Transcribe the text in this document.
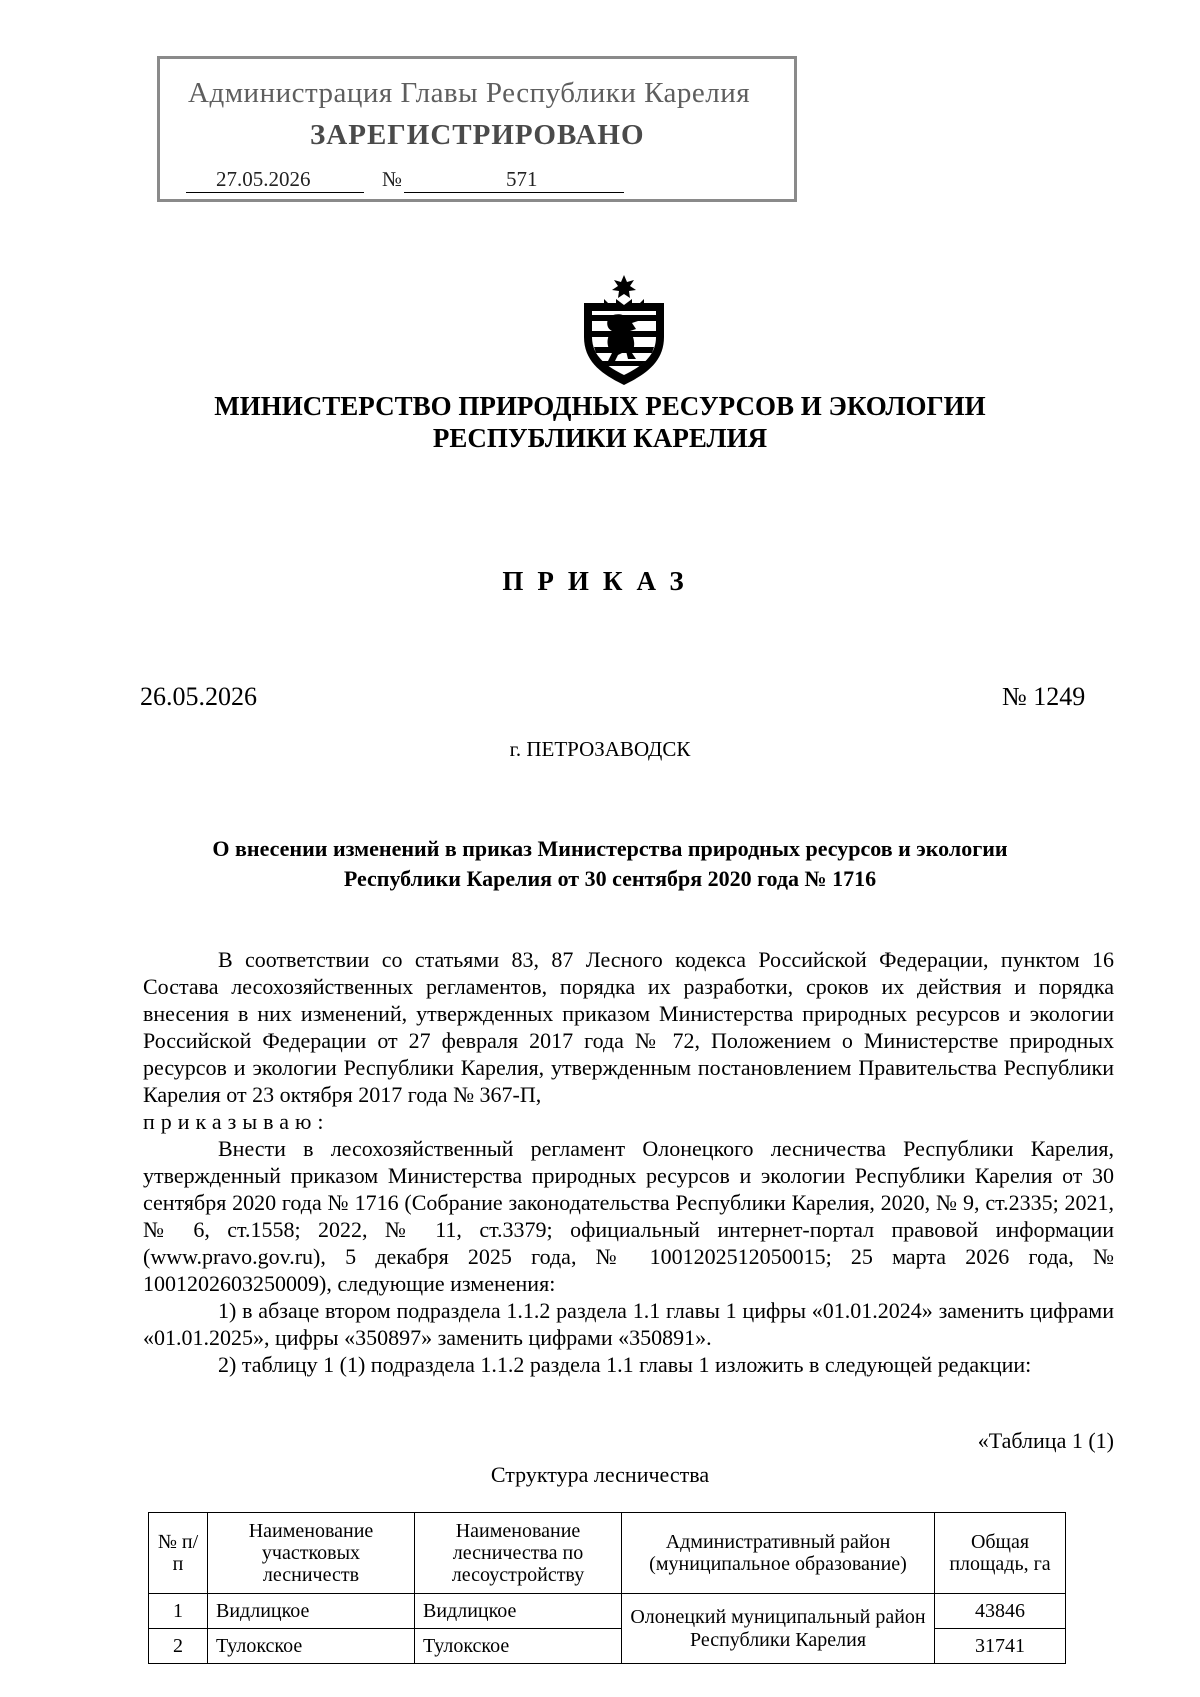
Администрация Главы Республики Карелия
ЗАРЕГИСТРИРОВАНО
27.05.2026	№	571
МИНИСТЕРСТВО ПРИРОДНЫХ РЕСУРСОВ И ЭКОЛОГИИ
РЕСПУБЛИКИ КАРЕЛИЯ
ПРИКАЗ
26.05.2026	№ 1249
г. ПЕТРОЗАВОДСК
О внесении изменений в приказ Министерства природных ресурсов и экологии
Республики Карелия от 30 сентября 2020 года № 1716

В соответствии со статьями 83, 87 Лесного кодекса Российской Федерации, пунктом 16 Состава лесохозяйственных регламентов, порядка их разработки, сроков их действия и порядка внесения в них изменений, утвержденных приказом Министерства природных ресурсов и экологии Российской Федерации от 27 февраля 2017 года № 72, Положением о Министерстве природных ресурсов и экологии Республики Карелия, утвержденным постановлением Правительства Республики Карелия от 23 октября 2017 года № 367-П,

приказываю:

Внести в лесохозяйственный регламент Олонецкого лесничества Республики Карелия, утвержденный приказом Министерства природных ресурсов и экологии Республики Карелия от 30 сентября 2020 года № 1716 (Собрание законодательства Республики Карелия, 2020, № 9, ст.2335; 2021, № 6, ст.1558; 2022, № 11, ст.3379; официальный интернет-портал правовой информации (www.pravo.gov.ru), 5 декабря 2025 года, № 1001202512050015; 25 марта 2026 года, № 1001202603250009), следующие изменения:

1) в абзаце втором подраздела 1.1.2 раздела 1.1 главы 1 цифры «01.01.2024» заменить цифрами «01.01.2025», цифры «350897» заменить цифрами «350891».

2) таблицу 1 (1) подраздела 1.1.2 раздела 1.1 главы 1 изложить в следующей редакции:

«Таблица 1 (1)
Структура лесничества
№ п/п	Наименование участковых лесничеств	Наименование лесничества по лесоустройству	Административный район (муниципальное образование)	Общая площадь, га
1	Видлицкое	Видлицкое	Олонецкий муниципальный район Республики Карелия	43846
2	Тулокское	Тулокское		31741
